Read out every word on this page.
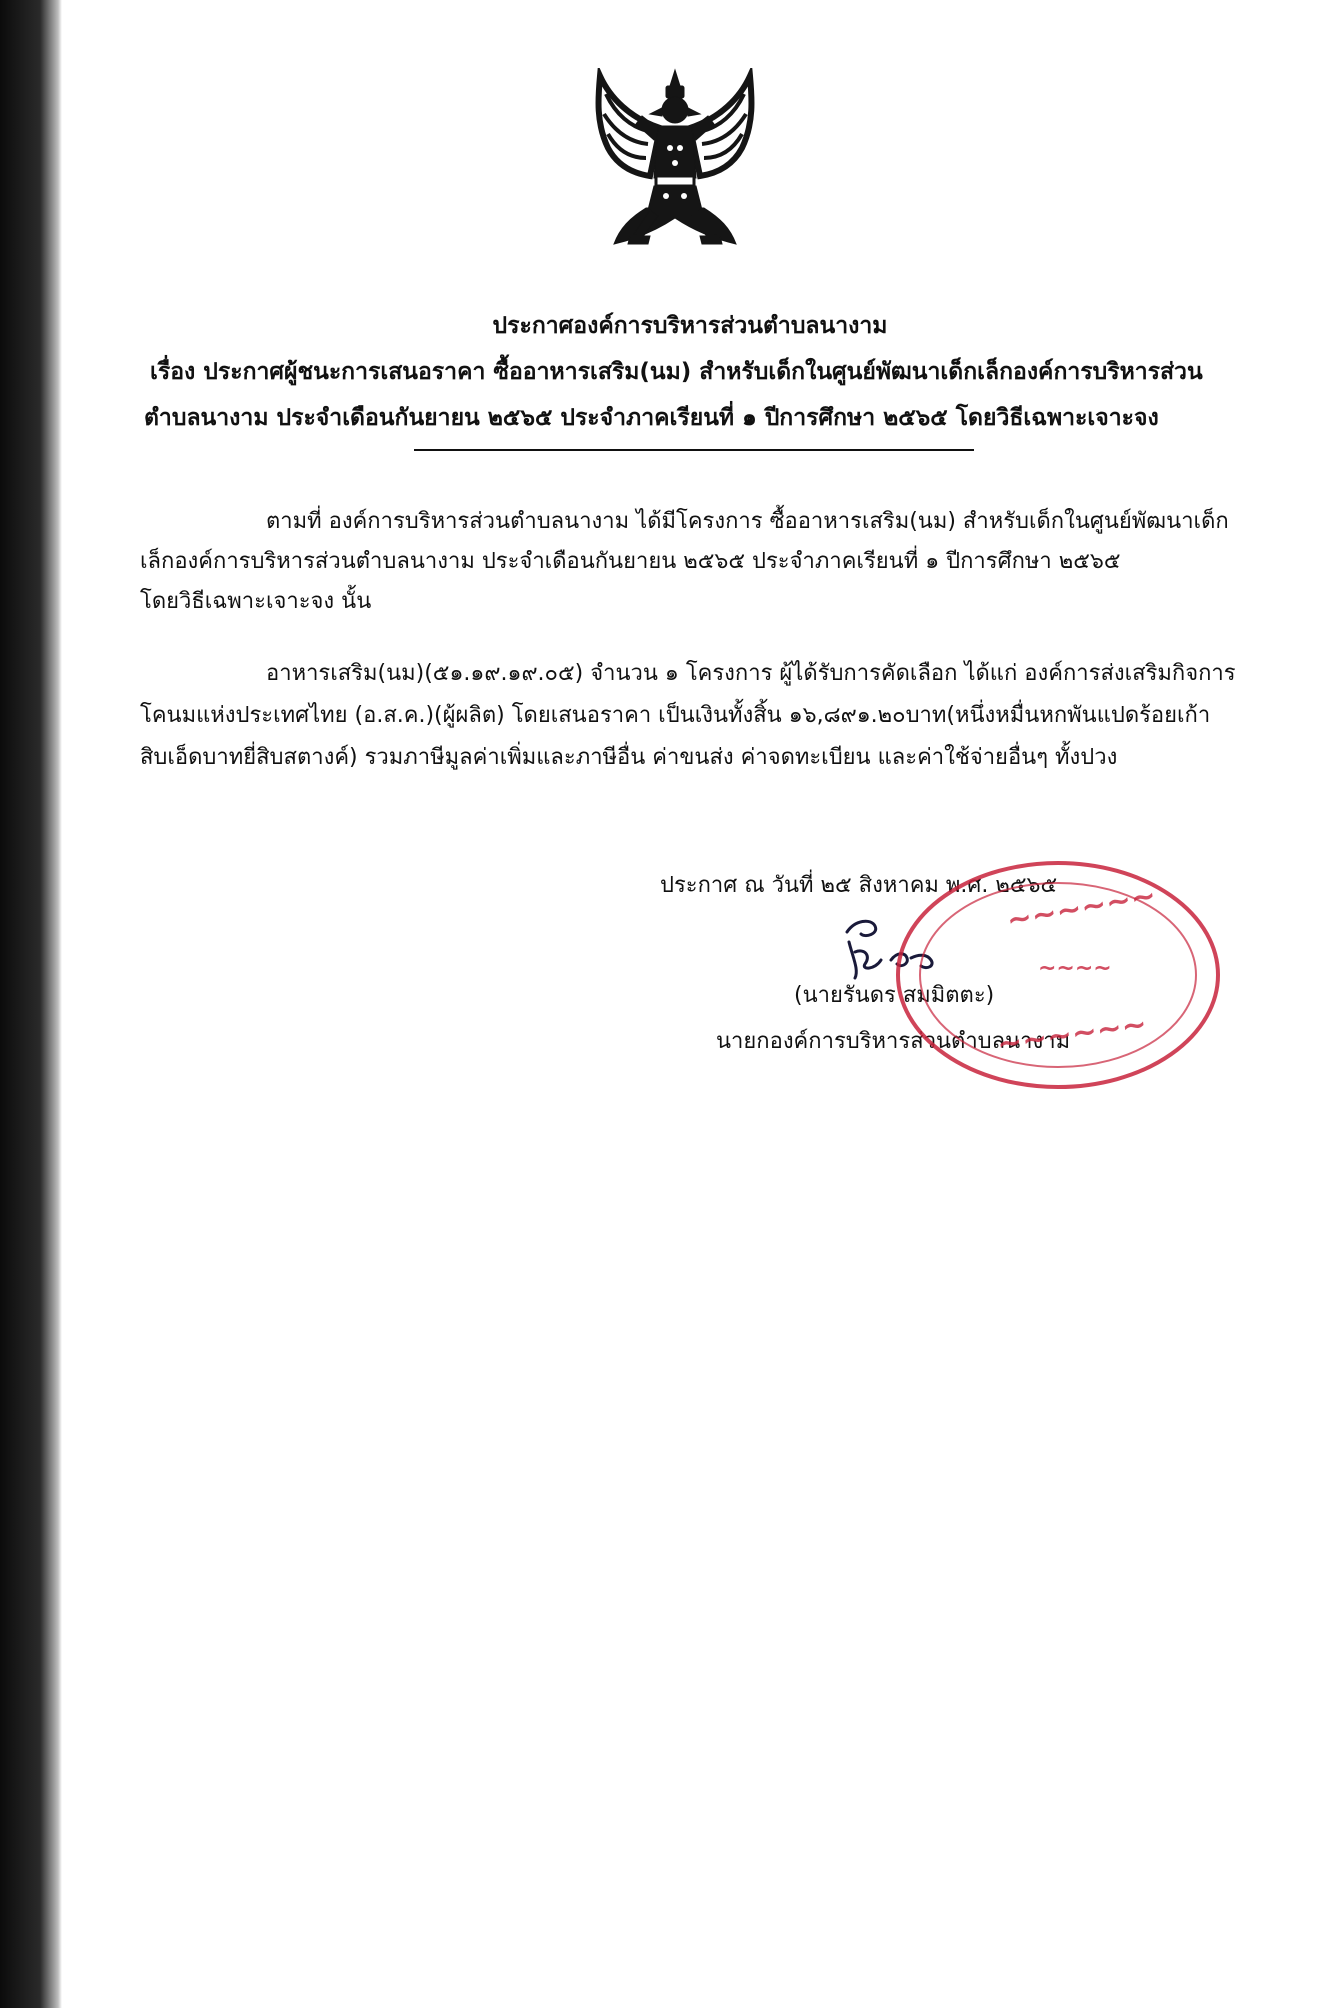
ประกาศองค์การบริหารส่วนตำบลนางาม
เรื่อง ประกาศผู้ชนะการเสนอราคา ซื้ออาหารเสริม(นม) สำหรับเด็กในศูนย์พัฒนาเด็กเล็กองค์การบริหารส่วน
ตำบลนางาม ประจำเดือนกันยายน ๒๕๖๕ ประจำภาคเรียนที่ ๑ ปีการศึกษา ๒๕๖๕ โดยวิธีเฉพาะเจาะจง
ตามที่ องค์การบริหารส่วนตำบลนางาม ได้มีโครงการ ซื้ออาหารเสริม(นม) สำหรับเด็กในศูนย์พัฒนาเด็ก
เล็กองค์การบริหารส่วนตำบลนางาม ประจำเดือนกันยายน ๒๕๖๕ ประจำภาคเรียนที่ ๑ ปีการศึกษา ๒๕๖๕
โดยวิธีเฉพาะเจาะจง นั้น
อาหารเสริม(นม)(๕๑.๑๙.๑๙.๐๕) จำนวน ๑ โครงการ ผู้ได้รับการคัดเลือก ได้แก่ องค์การส่งเสริมกิจการ
โคนมแห่งประเทศไทย (อ.ส.ค.)(ผู้ผลิต) โดยเสนอราคา เป็นเงินทั้งสิ้น ๑๖,๘๙๑.๒๐บาท(หนึ่งหมื่นหกพันแปดร้อยเก้า
สิบเอ็ดบาทยี่สิบสตางค์) รวมภาษีมูลค่าเพิ่มและภาษีอื่น ค่าขนส่ง ค่าจดทะเบียน และค่าใช้จ่ายอื่นๆ ทั้งปวง
ประกาศ ณ วันที่ ๒๕ สิงหาคม พ.ศ. ๒๕๖๕
(นายรันดร สมมิตตะ)
นายกองค์การบริหารส่วนตำบลนางาม
~~~~~~
~~~~
~~~~~~
